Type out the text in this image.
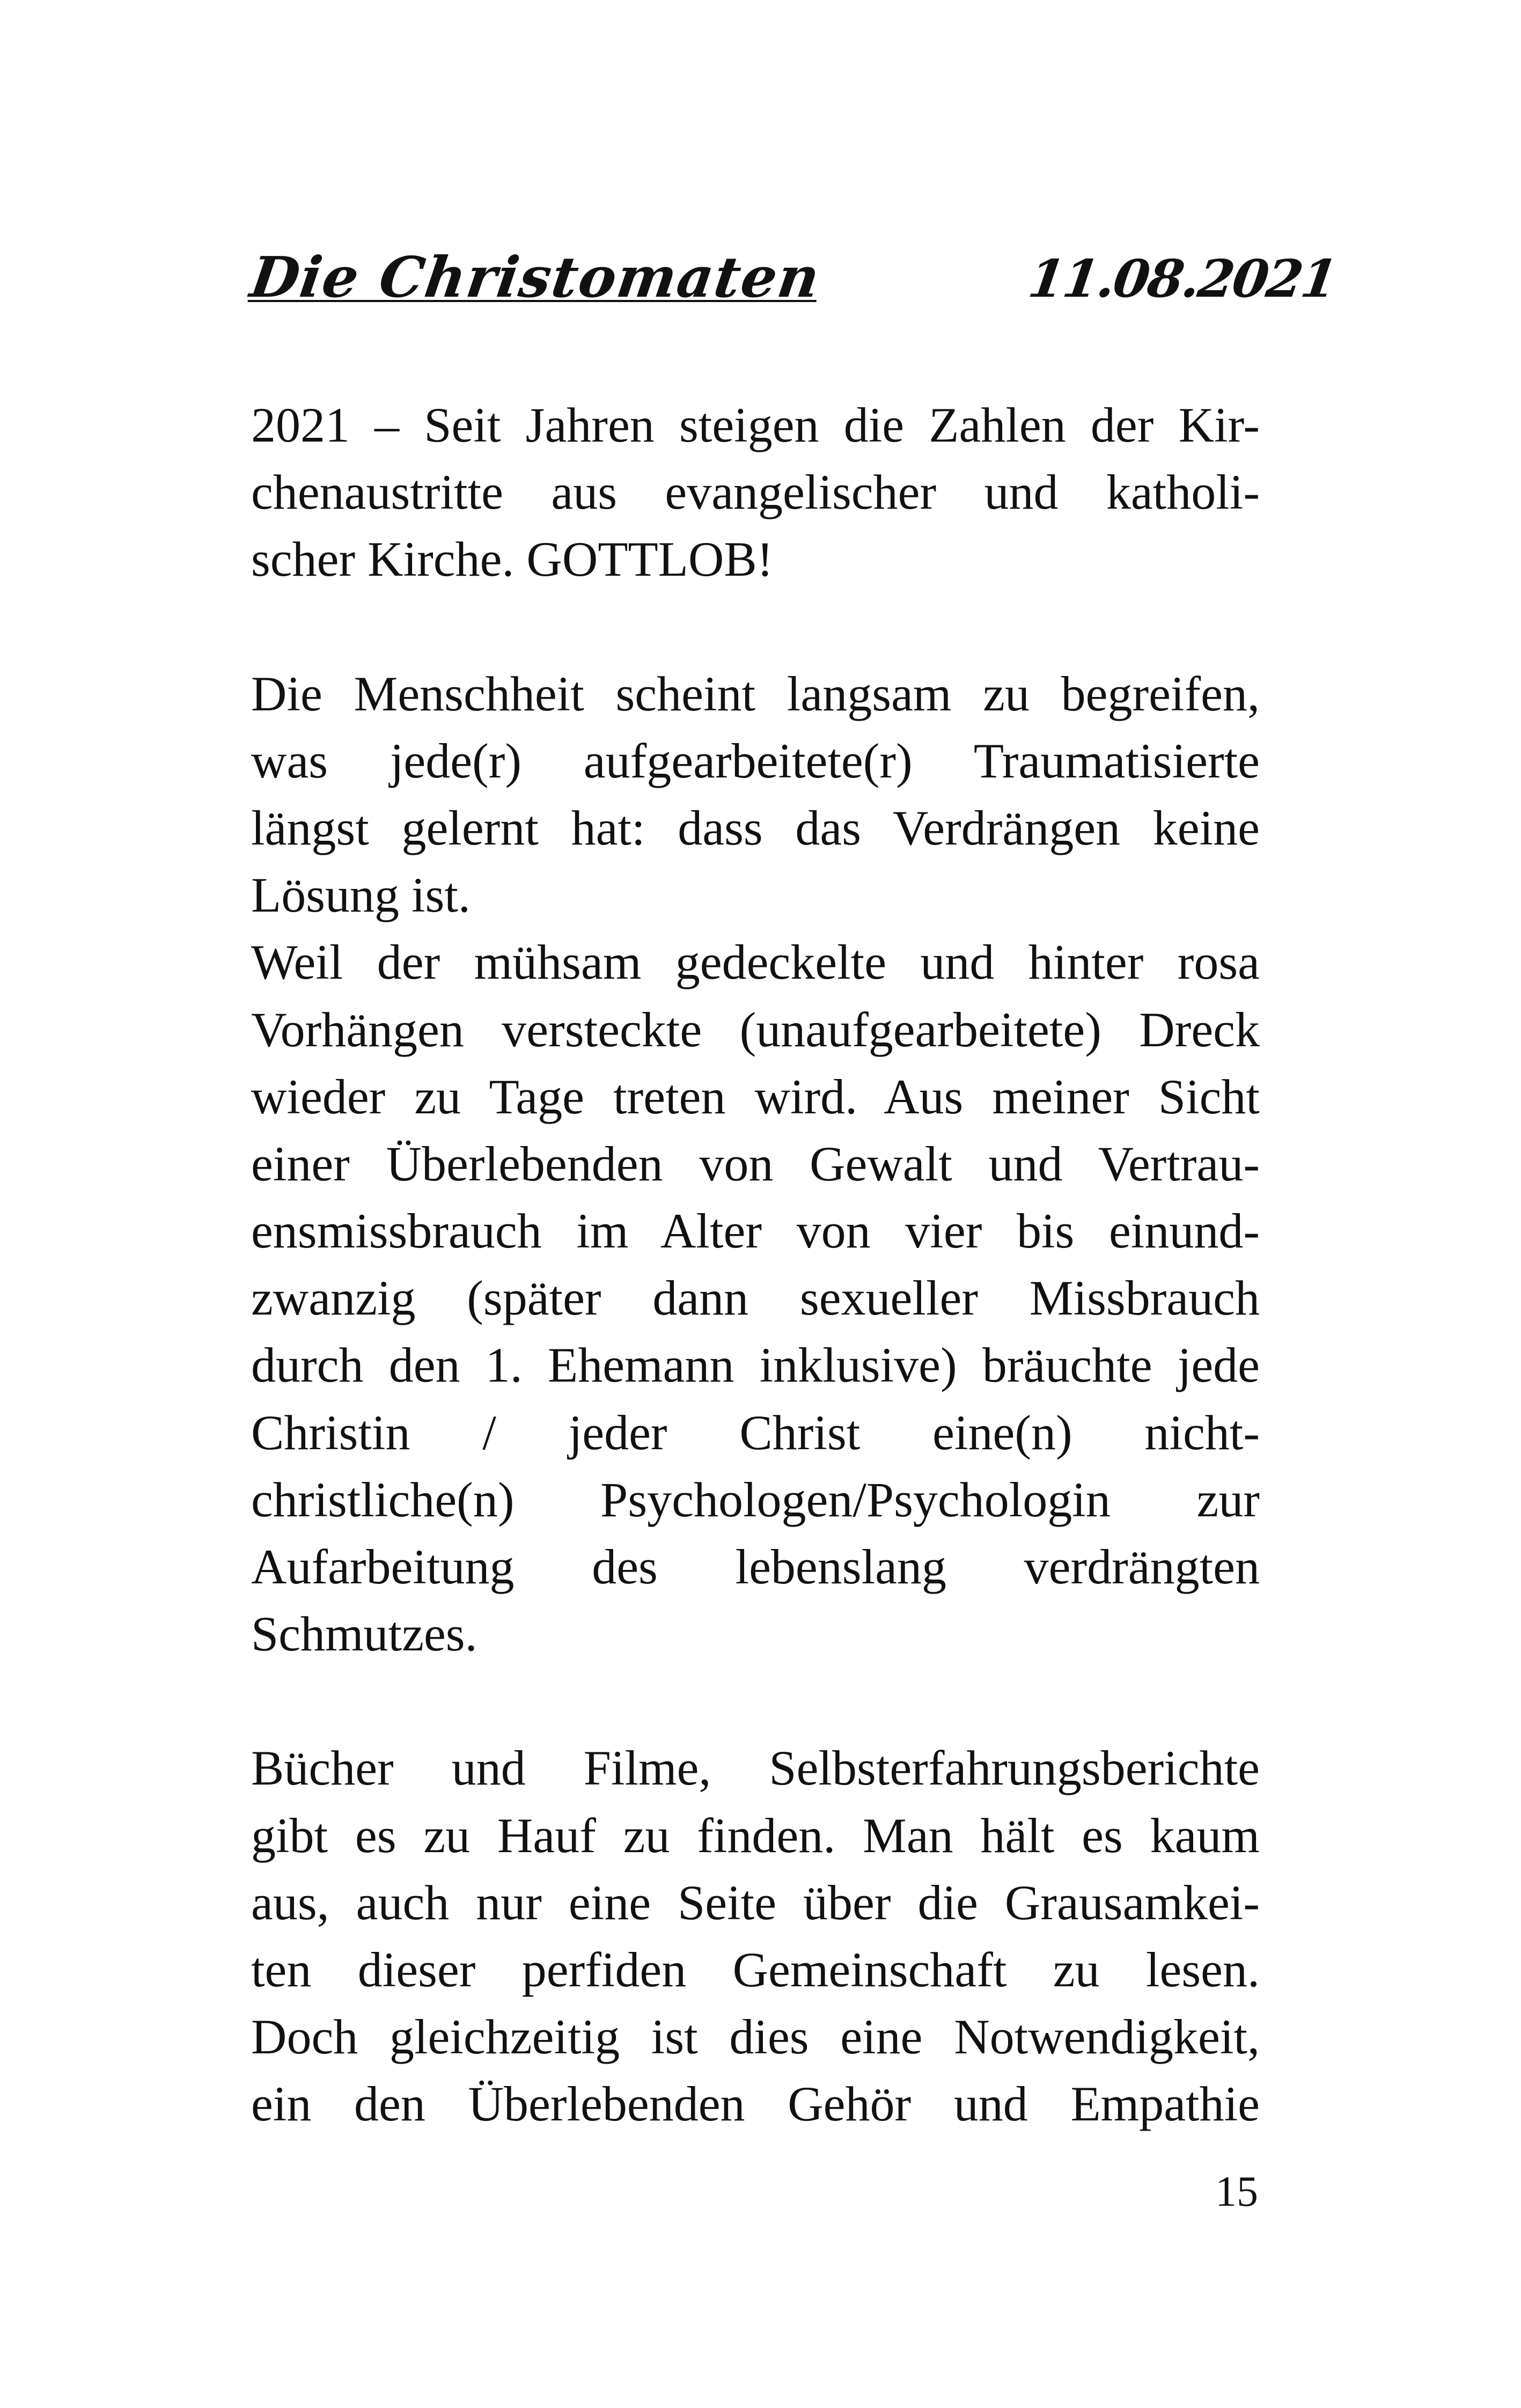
Die Christomaten	11.08.2021
2021 – Seit Jahren steigen die Zahlen der Kir-
chenaustritte aus evangelischer und katholi-
scher Kirche. GOTTLOB!
Die Menschheit scheint langsam zu begreifen,
was jede(r) aufgearbeitete(r) Traumatisierte
längst gelernt hat: dass das Verdrängen keine
Lösung ist.
Weil der mühsam gedeckelte und hinter rosa
Vorhängen versteckte (unaufgearbeitete) Dreck
wieder zu Tage treten wird. Aus meiner Sicht
einer Überlebenden von Gewalt und Vertrau-
ensmissbrauch im Alter von vier bis einund-
zwanzig (später dann sexueller Missbrauch
durch den 1. Ehemann inklusive) bräuchte jede
Christin / jeder Christ eine(n) nicht-
christliche(n) Psychologen/Psychologin zur
Aufarbeitung des lebenslang verdrängten
Schmutzes.
Bücher und Filme, Selbsterfahrungsberichte
gibt es zu Hauf zu finden. Man hält es kaum
aus, auch nur eine Seite über die Grausamkei-
ten dieser perfiden Gemeinschaft zu lesen.
Doch gleichzeitig ist dies eine Notwendigkeit,
ein den Überlebenden Gehör und Empathie
15
